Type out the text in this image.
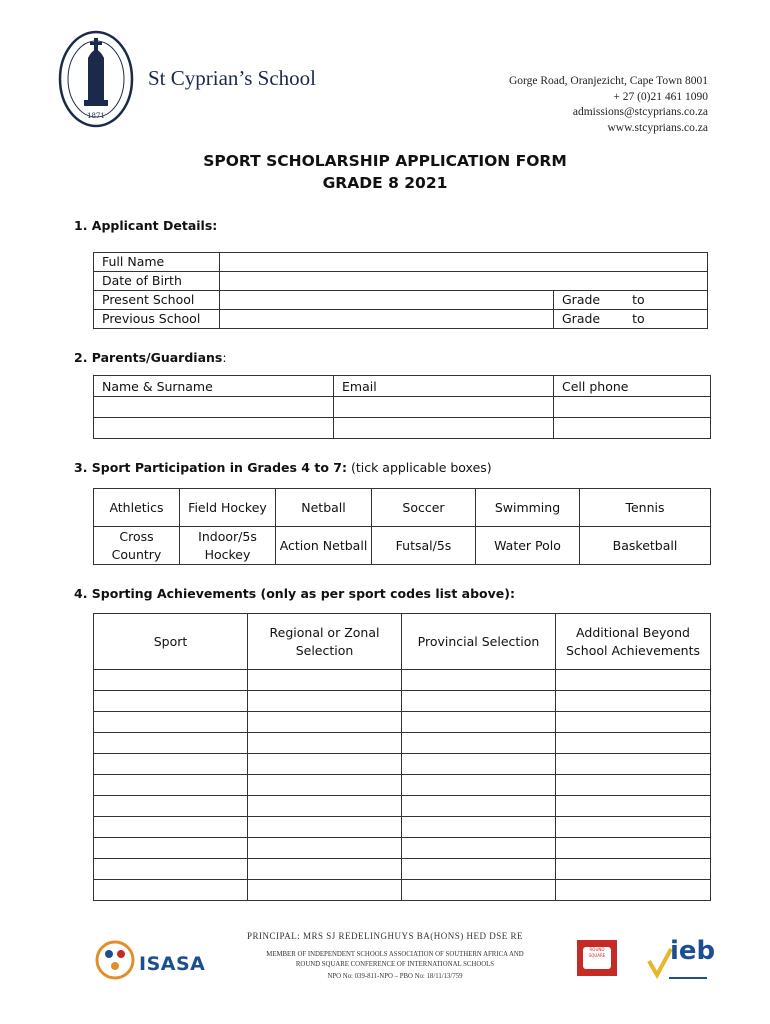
1871
St Cyprian’s School	Gorge Road, Oranjezicht, Cape Town 8001
+ 27 (0)21 461 1090
admissions@stcyprians.co.za
www.stcyprians.co.za
SPORT SCHOLARSHIP APPLICATION FORM
GRADE 8 2021
1. Applicant Details:
Full Name		
Date of Birth		
Present School		Grade to
Previous School		Grade to
2. Parents/Guardians:
Name & Surname	Email	Cell phone

3. Sport Participation in Grades 4 to 7: (tick applicable boxes)
Athletics	Field Hockey	Netball	Soccer	Swimming	Tennis
Cross Country	Indoor/5s Hockey	Action Netball	Futsal/5s	Water Polo	Basketball
4. Sporting Achievements (only as per sport codes list above):
Sport	Regional or Zonal Selection	Provincial Selection	Additional Beyond School Achievements

PRINCIPAL: MRS SJ REDELINGHUYS BA(HONS) HED DSE RE
MEMBER OF INDEPENDENT SCHOOLS ASSOCIATION OF SOUTHERN AFRICA AND
ROUND SQUARE CONFERENCE OF INTERNATIONAL SCHOOLS
NPO No: 039-811-NPO – PBO No: 18/11/13/759
ISASA
ROUND SQUARE ieb
